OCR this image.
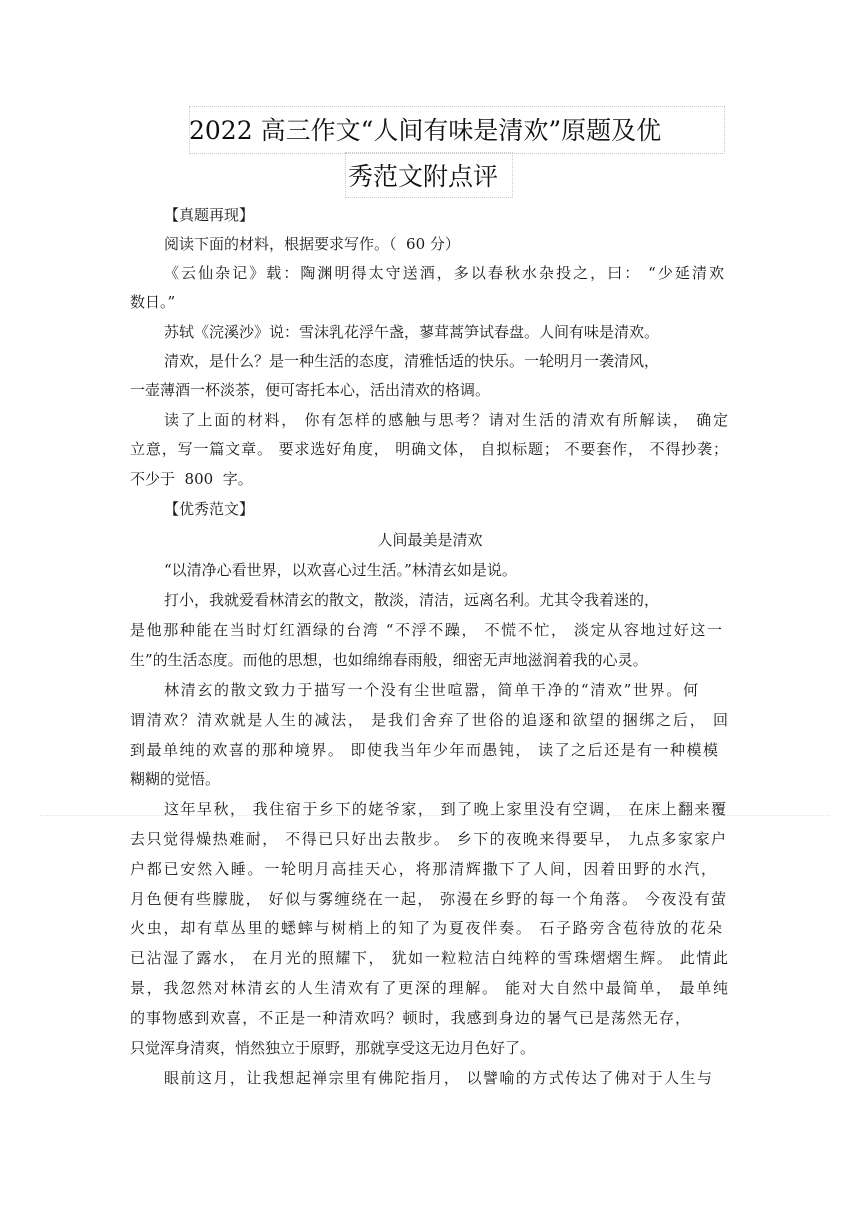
2022 高三作文“人间有味是清欢”原题及优
秀范文附点评
【真题再现】
阅读下面的材料，根据要求写作。（  60 分）
《云仙杂记》载：陶渊明得太守送酒，多以春秋水杂投之，曰： “少延清欢
数日。”
苏轼《浣溪沙》说：雪沫乳花浮午盏，蓼茸蒿笋试春盘。人间有味是清欢。
清欢，是什么？是一种生活的态度，清雅恬适的快乐。一轮明月一袭清风，
一壶薄酒一杯淡茶，便可寄托本心，活出清欢的格调。
读了上面的材料， 你有怎样的感触与思考？请对生活的清欢有所解读， 确定
立意，写一篇文章。 要求选好角度， 明确文体， 自拟标题； 不要套作， 不得抄袭；
不少于  800  字。
【优秀范文】
人间最美是清欢
“以清净心看世界，以欢喜心过生活。”林清玄如是说。
打小，我就爱看林清玄的散文，散淡，清洁，远离名利。尤其令我着迷的，
是他那种能在当时灯红酒绿的台湾 “不浮不躁， 不慌不忙， 淡定从容地过好这一
生”的生活态度。而他的思想，也如绵绵春雨般，细密无声地滋润着我的心灵。
林清玄的散文致力于描写一个没有尘世喧嚣，简单干净的“清欢”世界。何
谓清欢？清欢就是人生的减法， 是我们舍弃了世俗的追逐和欲望的捆绑之后， 回
到最单纯的欢喜的那种境界。 即使我当年少年而愚钝， 读了之后还是有一种模模
糊糊的觉悟。
这年早秋， 我住宿于乡下的姥爷家， 到了晚上家里没有空调， 在床上翻来覆
去只觉得燥热难耐， 不得已只好出去散步。 乡下的夜晚来得要早， 九点多家家户
户都已安然入睡。一轮明月高挂天心，将那清辉撒下了人间，因着田野的水汽，
月色便有些朦胧， 好似与雾缠绕在一起， 弥漫在乡野的每一个角落。 今夜没有萤
火虫，却有草丛里的蟋蟀与树梢上的知了为夏夜伴奏。 石子路旁含苞待放的花朵
已沾湿了露水， 在月光的照耀下， 犹如一粒粒洁白纯粹的雪珠熠熠生辉。 此情此
景，我忽然对林清玄的人生清欢有了更深的理解。 能对大自然中最简单， 最单纯
的事物感到欢喜，不正是一种清欢吗？顿时，我感到身边的暑气已是荡然无存，
只觉浑身清爽，悄然独立于原野，那就享受这无边月色好了。
眼前这月，让我想起禅宗里有佛陀指月， 以譬喻的方式传达了佛对于人生与
